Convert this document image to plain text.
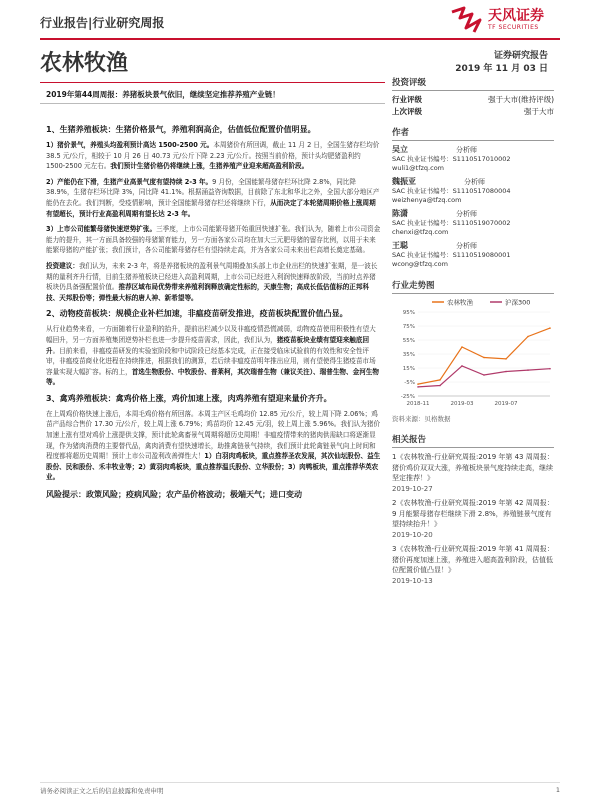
行业报告|行业研究周报	天风证券
TF SECURITIES
农林牧渔	证券研究报告
2019 年 11 月 03 日
2019年第44周周报：养猪板块景气依旧，继续坚定推荐养殖产业链！
投资评级
行业评级	强于大市(维持评级)
上次评级	强于大市
作者
吴立	分析师
SAC 执业证书编号：S1110517010002
wuli1@tfzq.com
魏振亚	分析师
SAC 执业证书编号：S1110517080004
weizhenya@tfzq.com
陈潇	分析师
SAC 执业证书编号：S1110519070002
chenxi@tfzq.com
王聪	分析师
SAC 执业证书编号：S1110519080001
wcong@tfzq.com
行业走势图
农林牧渔	沪深300
95%
75%
55%
35%
15%
-5%
-25%
2018-11	2019-03	2019-07
资料来源：贝格数据
相关报告
1《农林牧渔-行业研究周报:2019 年第 43 周周报：猪价鸡价双双大涨，养殖板块景气度持续走高，继续坚定推荐！》
2019-10-27
2《农林牧渔-行业研究周报:2019 年第 42 周周报：9 月能繁母猪存栏继续下滑 2.8%，养殖链景气度有望持续抬升！》
2019-10-20
3《农林牧渔-行业研究周报:2019 年第 41 周周报：猪价再度加速上涨，养殖进入超高盈利阶段，估值低位配置价值凸显！》
2019-10-13
1、生猪养殖板块：生猪价格景气，养殖利润高企，估值低位配置价值明显。

1）猪价景气，养殖头均盈利预计高达 1500-2500 元。本周猪价有所回调，截止 11 月 2 日，全国生猪存栏均价 38.5 元/公斤，相较于 10 月 26 日 40.73 元/公斤下降 2.23 元/公斤。按照当前价格，预计头均肥猪盈利约 1500-2500 元左右。我们预计生猪价格仍将继续上涨，生猪养殖产业迎来超高盈利阶段。

2）产能仍在下滑，生猪产业高景气度有望持续 2-3 年。9 月份，全国能繁母猪存栏环比降 2.8%，同比降 38.9%，生猪存栏环比降 3%，同比降 41.1%。根据涌益咨询数据，目前除了东北和华北之外，全国大部分地区产能仍在去化。我们判断，受疫情影响，预计全国能繁母猪存栏还将继续下行，从而决定了本轮猪周期价格上涨周期有望超长，预计行业高盈利周期有望长达 2-3 年。

3）上市公司能繁母猪快速逆势扩张。三季度，上市公司能繁母猪开始重回快速扩张。我们认为，随着上市公司资金能力的提升，其一方面具备较强的母猪繁育能力，另一方面各家公司均在加大三元肥母猪的留存比例，以用于未来能繁母猪的产能扩张；我们预计，各公司能繁母猪存栏有望持续走高，并为各家公司未来出栏高增长奠定基础。

投资建议：我们认为，未来 2-3 年，将是养猪板块的盈利景气周期叠加头部上市企业出栏的快速扩张期，是一波长期的量利齐升行情，目前生猪养殖板块已经进入高盈利周期，上市公司已经进入利润快速释放阶段，当前时点养猪板块仍具备强配置价值。推荐区域布局优势带来养殖利润释放确定性标的，天康生物；高成长低估值标的正邦科技、天邦股份等；弹性最大标的唐人神、新希望等。

2、动物疫苗板块：规模企业补栏加速，非瘟疫苗研发推进，疫苗板块配置价值凸显。

从行业趋势来看，一方面随着行业盈利的抬升，提前出栏减少以及非瘟疫情恐慌减弱，动物疫苗使用积极性有望大幅回升，另一方面养殖集团逆势补栏也进一步提升疫苗需求，因此，我们认为，猪疫苗板块业绩有望迎来触底回升。目前来看，非瘟疫苗研发的实验室阶段和中试阶段已经基本完成，正在接受临床试验前的有效性和安全性评审，非瘟疫苗商业化进程在持续推进，根据我们的测算，若后续非瘟疫苗明年推出应用，则有望使得生猪疫苗市场容量实现大幅扩容。标的上，首选生物股份、中牧股份、普莱柯，其次瑞普生物（兼议关注）、瑞普生物、金河生物等。

3、禽鸡养殖板块：禽鸡价格上涨，鸡价加速上涨，肉鸡养殖有望迎来量价齐升。

在上周鸡价格快速上涨后，本周毛鸡价格有所回落。本周主产区毛鸡均价 12.85 元/公斤，较上周下降 2.06%；鸡苗产品综合售价 17.30 元/公斤，较上周上涨 6.79%；鸡苗均价 12.45 元/羽，较上周上涨 5.96%。我们认为猪价加速上涨有望对鸡价上涨提供支撑，预计此轮禽畜景气周期将超历史周期！非瘟疫情带来的猪肉供需缺口将逐渐显现，作为猪肉消费的主要替代品，禽肉消费有望快速增长，助推禽链景气持续，我们预计此轮禽链景气向上时间和程度都将超历史周期！预计上市公司盈利改善弹性大！1）白羽肉鸡板块，重点推荐圣农发展，其次仙坛股份、益生股份、民和股份、禾丰牧业等；2）黄羽肉鸡板块，重点推荐温氏股份、立华股份；3）肉鸭板块，重点推荐华英农业。

风险提示：政策风险；疫病风险；农产品价格波动；极端天气；进口变动
请务必阅读正文之后的信息披露和免责申明	1
